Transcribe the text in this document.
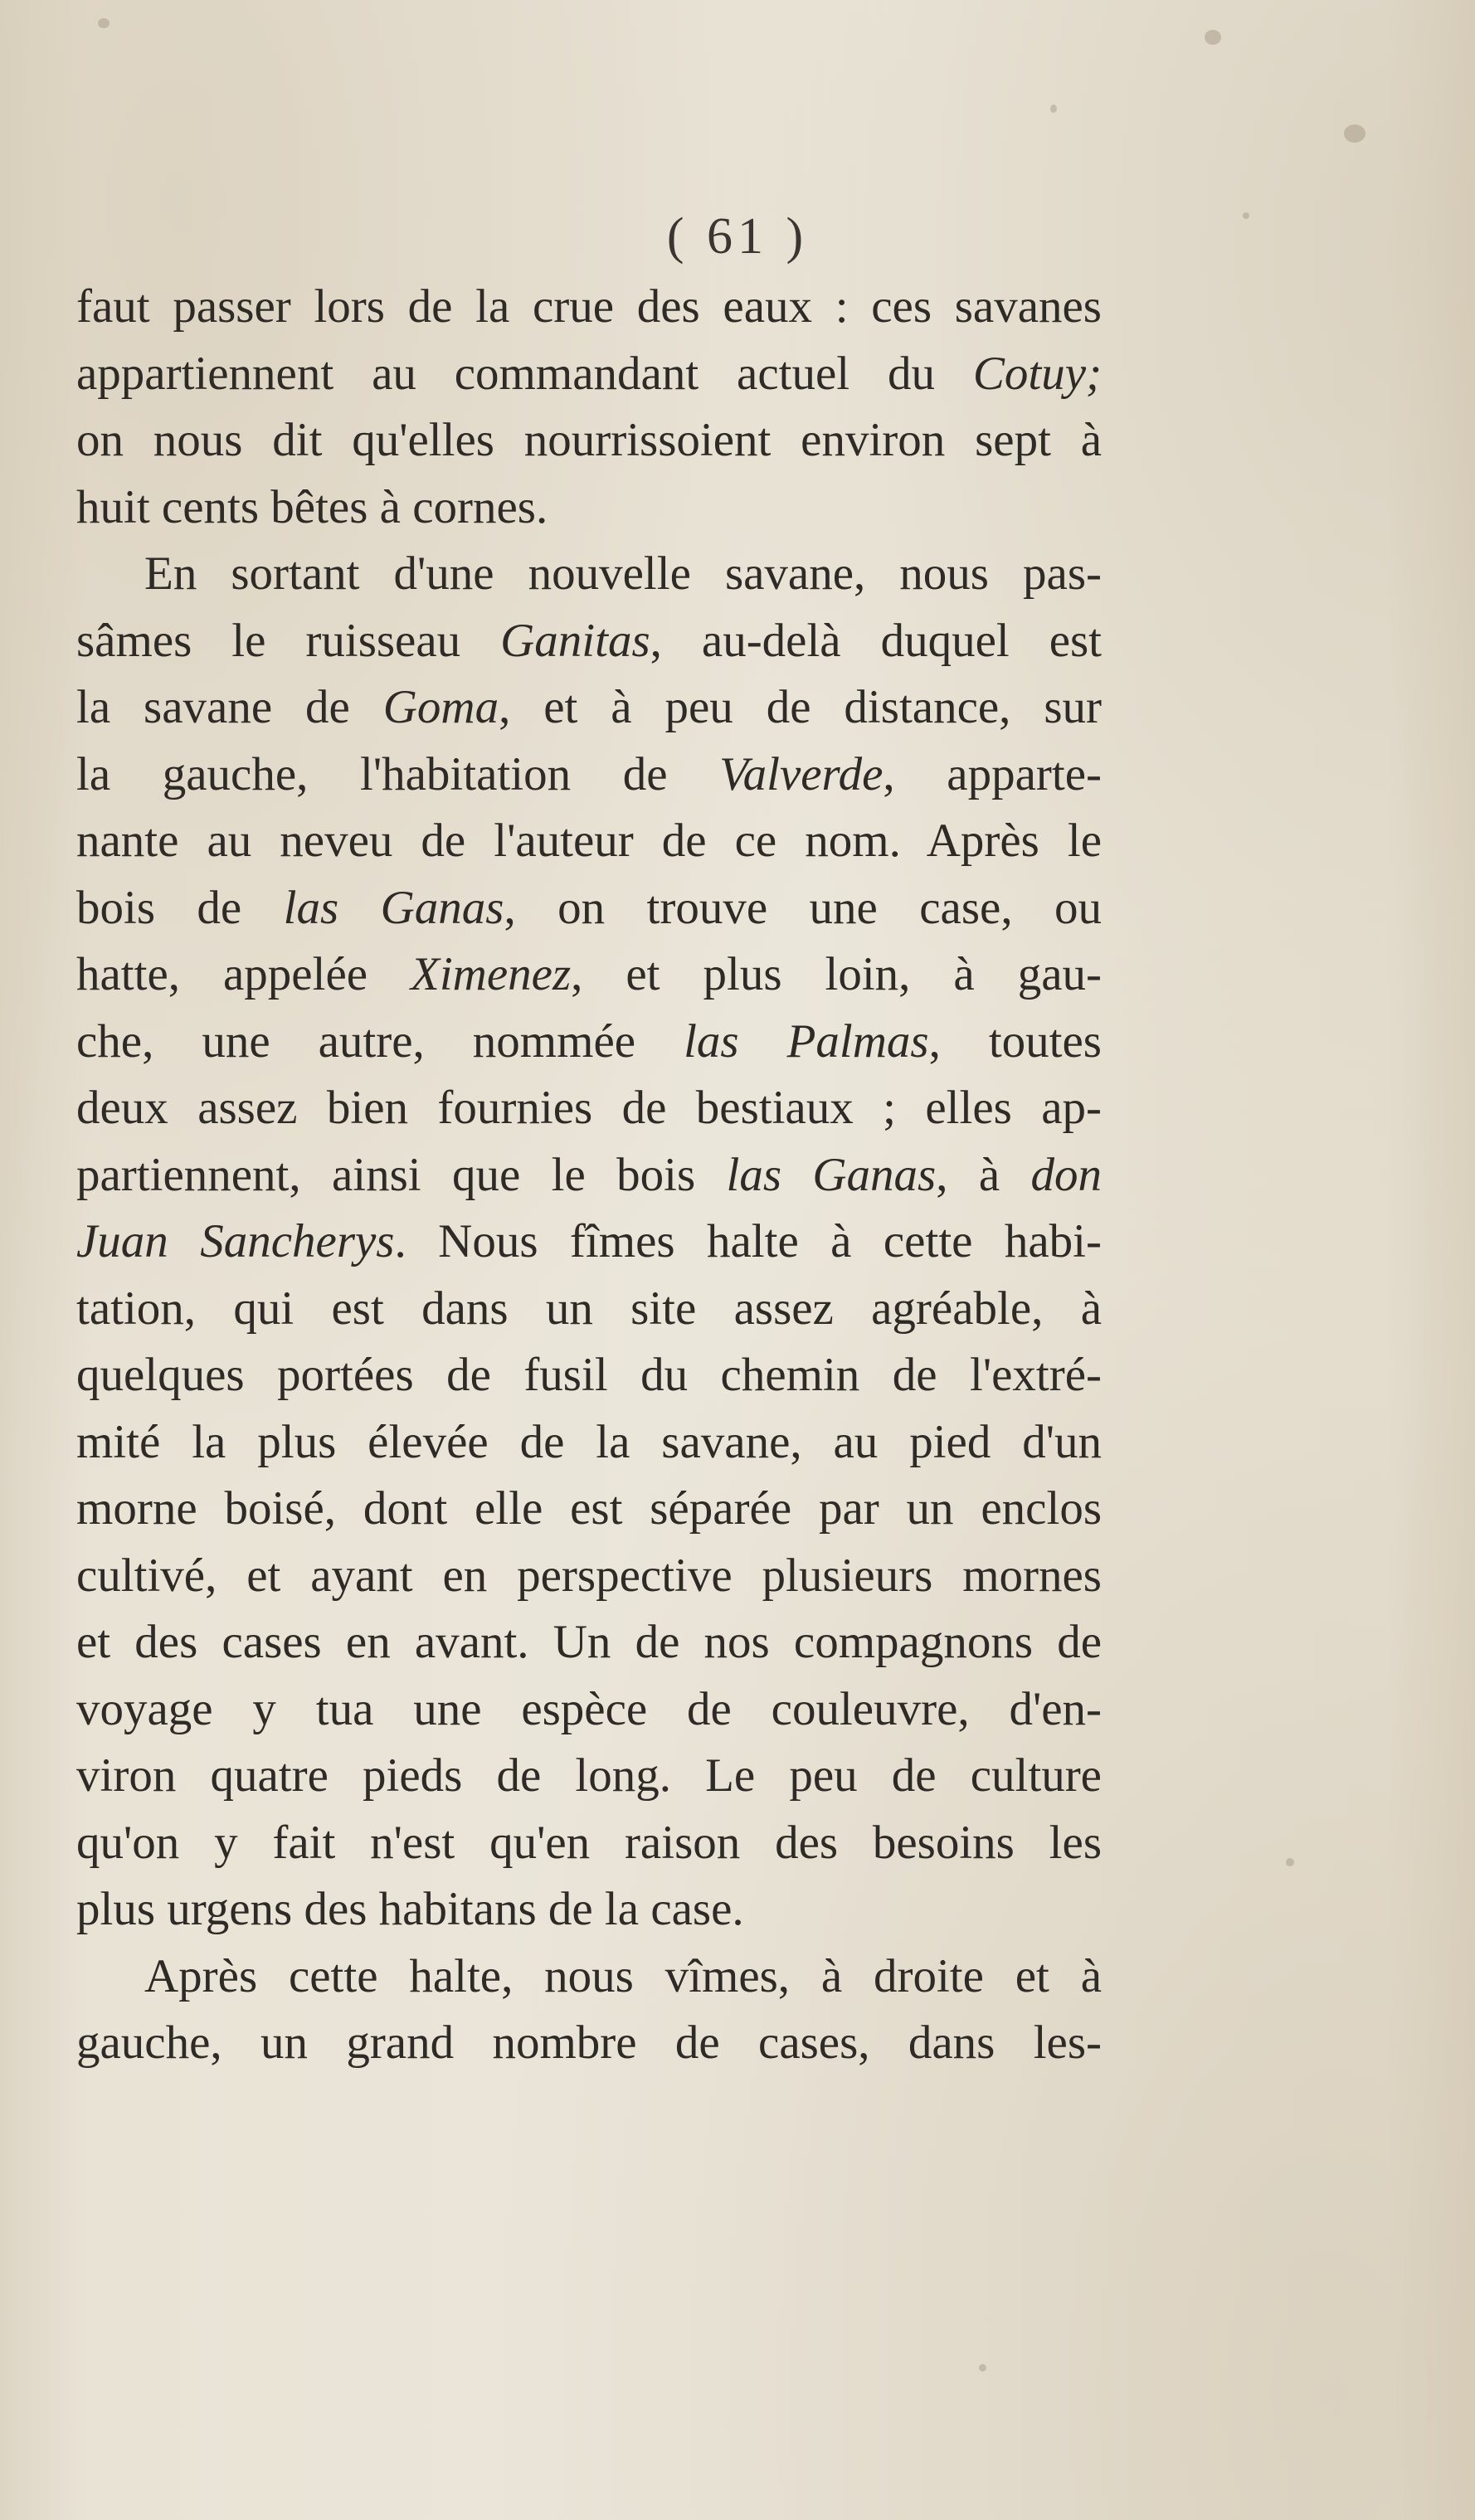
( 61 )
faut passer lors de la crue des eaux : ces savanes
appartiennent au commandant actuel du Cotuy;
on nous dit qu'elles nourrissoient environ sept à
huit cents bêtes à cornes.
En sortant d'une nouvelle savane, nous pas-
sâmes le ruisseau Ganitas, au-delà duquel est
la savane de Goma, et à peu de distance, sur
la gauche, l'habitation de Valverde, apparte-
nante au neveu de l'auteur de ce nom. Après le
bois de las Ganas, on trouve une case, ou
hatte, appelée Ximenez, et plus loin, à gau-
che, une autre, nommée las Palmas, toutes
deux assez bien fournies de bestiaux ; elles ap-
partiennent, ainsi que le bois las Ganas, à don
Juan Sancherys. Nous fîmes halte à cette habi-
tation, qui est dans un site assez agréable, à
quelques portées de fusil du chemin de l'extré-
mité la plus élevée de la savane, au pied d'un
morne boisé, dont elle est séparée par un enclos
cultivé, et ayant en perspective plusieurs mornes
et des cases en avant. Un de nos compagnons de
voyage y tua une espèce de couleuvre, d'en-
viron quatre pieds de long. Le peu de culture
qu'on y fait n'est qu'en raison des besoins les
plus urgens des habitans de la case.
Après cette halte, nous vîmes, à droite et à
gauche, un grand nombre de cases, dans les-
